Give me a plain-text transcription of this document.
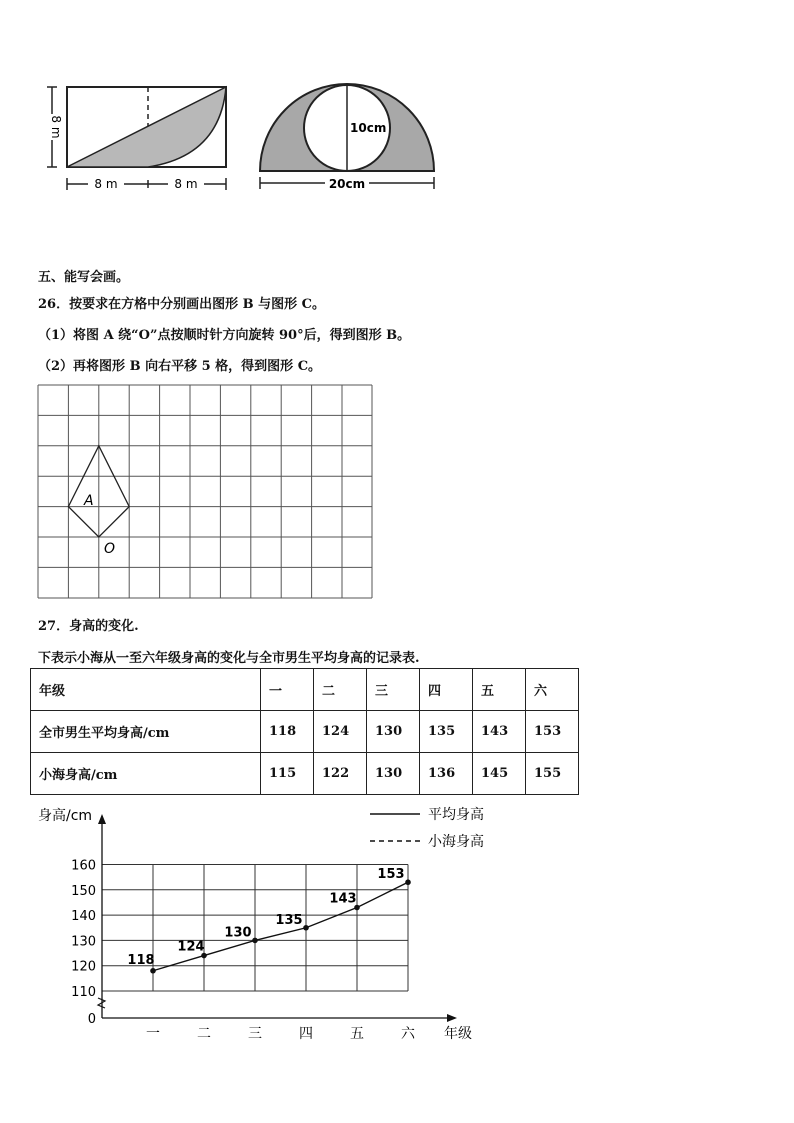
8 m
8 m	8 m
10cm
20cm
五、能写会画。
26．按要求在方格中分别画出图形 B 与图形 C。
（1）将图 A 绕“O”点按顺时针方向旋转 90°后，得到图形 B。
（2）再将图形 B 向右平移 5 格，得到图形 C。
A
O
27．身高的变化.
下表示小海从一至六年级身高的变化与全市男生平均身高的记录表.
年级	一	二	三	四	五	六
全市男生平均身高/cm	118	124	130	135	143	153
小海身高/cm	115	122	130	136	145	155
0
110
120
130
140
150
160
一	二	三	四	五	六
身高/cm
年级
平均身高
小海身高
118
124
130
135
143
153
